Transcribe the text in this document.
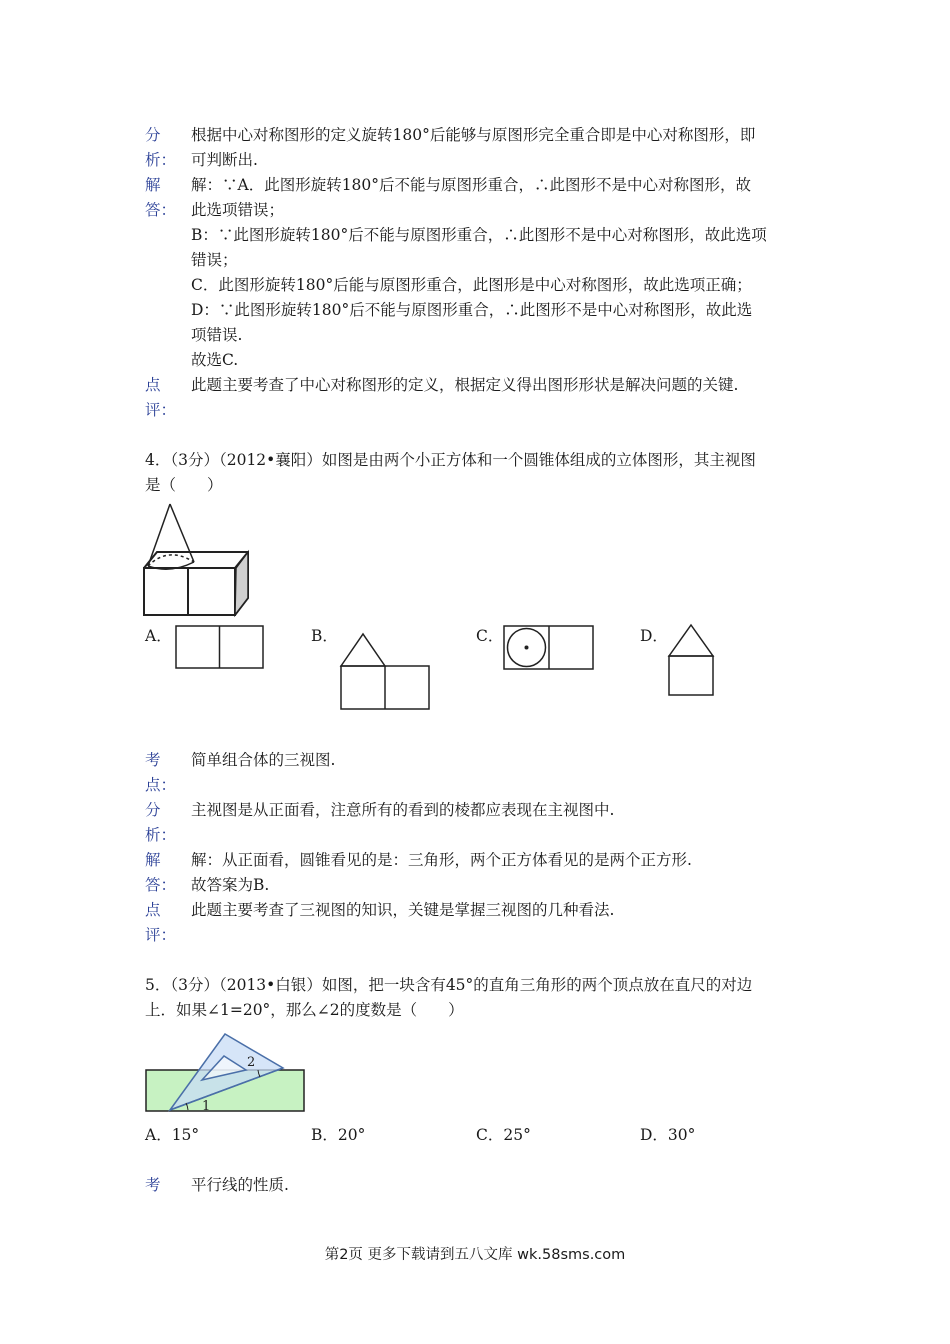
分
析：

根据中心对称图形的定义旋转180°后能够与原图形完全重合即是中心对称图形，即

可判断出.

解
答：

解：∵A．此图形旋转180°后不能与原图形重合，∴此图形不是中心对称图形，故

此选项错误；

B：∵此图形旋转180°后不能与原图形重合，∴此图形不是中心对称图形，故此选项

错误；

C．此图形旋转180°后能与原图形重合，此图形是中心对称图形，故此选项正确；

D：∵此图形旋转180°后不能与原图形重合，∴此图形不是中心对称图形，故此选

项错误.

故选C.

点
评：

此题主要考查了中心对称图形的定义，根据定义得出图形形状是解决问题的关键.

4．（3分）（2012•襄阳）如图是由两个小正方体和一个圆锥体组成的立体图形，其主视图

是（　　）

A．	B．	C．	D．
考
点：

简单组合体的三视图.

分
析：

主视图是从正面看，注意所有的看到的棱都应表现在主视图中.

解
答：

解：从正面看，圆锥看见的是：三角形，两个正方体看见的是两个正方形.

故答案为B.

点
评：

此题主要考查了三视图的知识，关键是掌握三视图的几种看法.

5．（3分）（2013•白银）如图，把一块含有45°的直角三角形的两个顶点放在直尺的对边

上．如果∠1=20°，那么∠2的度数是（　　）

2
1
A．15°	B．20°	C．25°	D．30°
考	平行线的性质.

第2页 更多下载请到五八文库 wk.58sms.com
